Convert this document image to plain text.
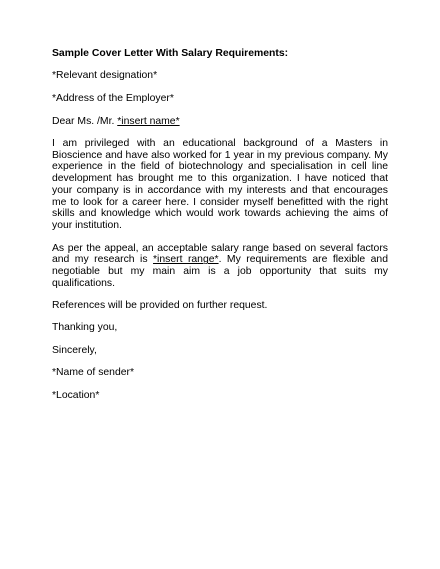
Sample Cover Letter With Salary Requirements:

*Relevant designation*

*Address of the Employer*

Dear Ms. /Mr. *insert name*

I am privileged with an educational background of a Masters in Bioscience and have also worked for 1 year in my previous company. My experience in the field of biotechnology and specialisation in cell line development has brought me to this organization. I have noticed that your company is in accordance with my interests and that encourages me to look for a career here. I consider myself benefitted with the right skills and knowledge which would work towards achieving the aims of your institution.

As per the appeal, an acceptable salary range based on several factors and my research is *insert range*. My requirements are flexible and negotiable but my main aim is a job opportunity that suits my qualifications.

References will be provided on further request.

Thanking you,

Sincerely,

*Name of sender*

*Location*
